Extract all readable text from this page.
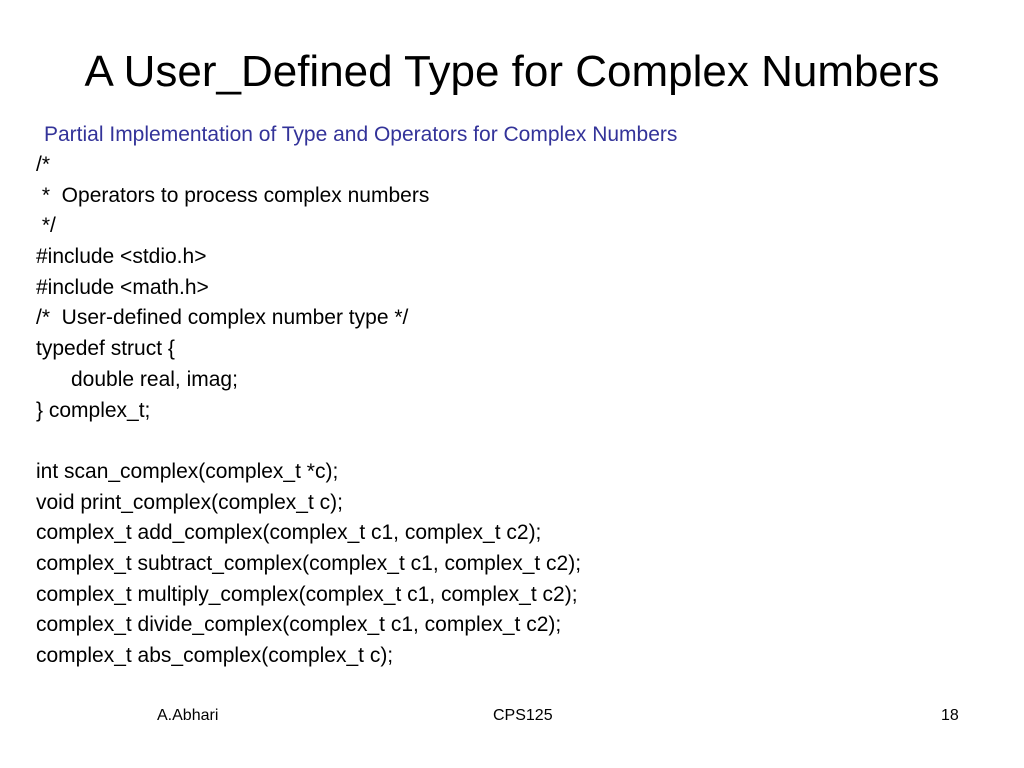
A User_Defined Type for Complex Numbers
Partial Implementation of Type and Operators for Complex Numbers
/*
*  Operators to process complex numbers
*/
#include <stdio.h>
#include <math.h>
/*  User-defined complex number type */
typedef struct {
double real, imag;
} complex_t;
int scan_complex(complex_t *c);
void print_complex(complex_t c);
complex_t add_complex(complex_t c1, complex_t c2);
complex_t subtract_complex(complex_t c1, complex_t c2);
complex_t multiply_complex(complex_t c1, complex_t c2);
complex_t divide_complex(complex_t c1, complex_t c2);
complex_t abs_complex(complex_t c);
A.Abhari	CPS125	18
